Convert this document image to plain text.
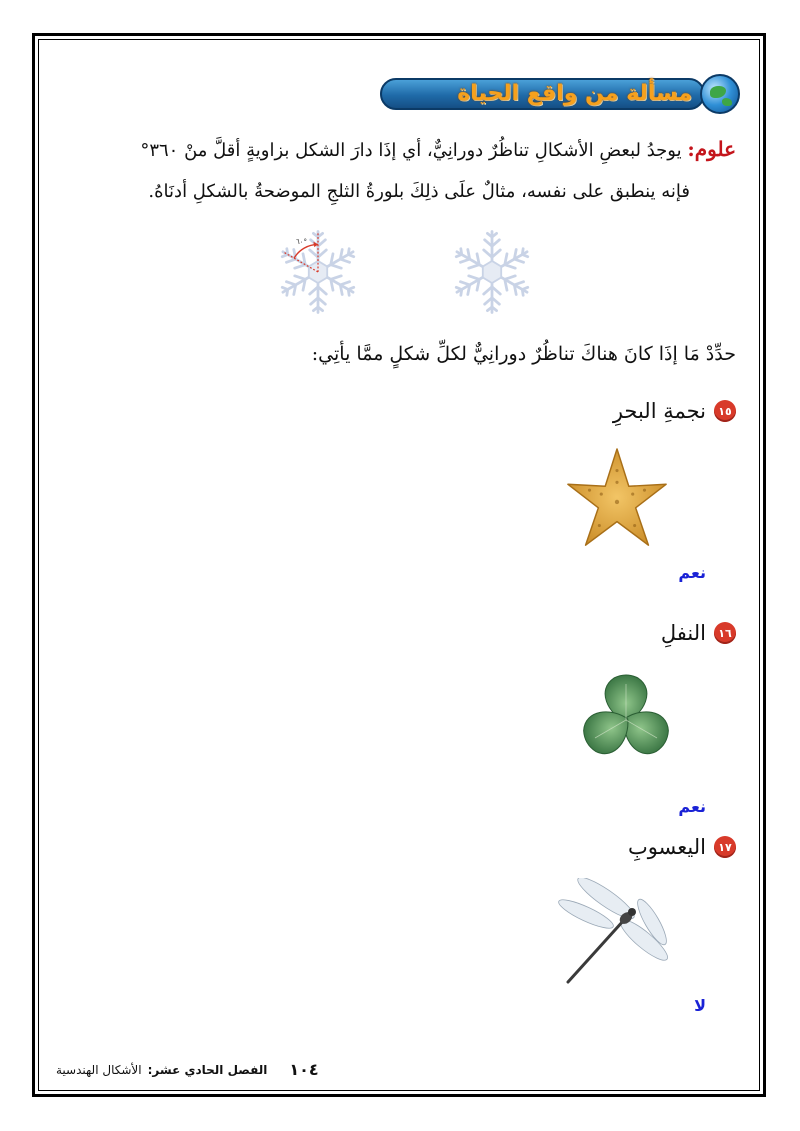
مسألة من واقع الحياة
علوم: يوجدُ لبعضِ الأشكالِ تناظُرٌ دورانِيٌّ، أي إذَا دارَ الشكل بزاويةٍ أقلَّ منْ ٣٦٠°
فإنه ينطبق على نفسه، مثالٌ علَى ذلِكَ بلورةُ الثلجِ الموضحةُ بالشكلِ أدنَاهُ.
٦٠°
حدِّدْ مَا إذَا كانَ هناكَ تناظُرٌ دورانِيٌّ لكلِّ شكلٍ ممَّا يأتِي:
١٥
نجمةِ البحرِ
نعم
١٦
النفلِ
نعم
١٧
اليعسوبِ
لا
١٠٤
الفصل الحادي عشر:
الأشكال الهندسية
